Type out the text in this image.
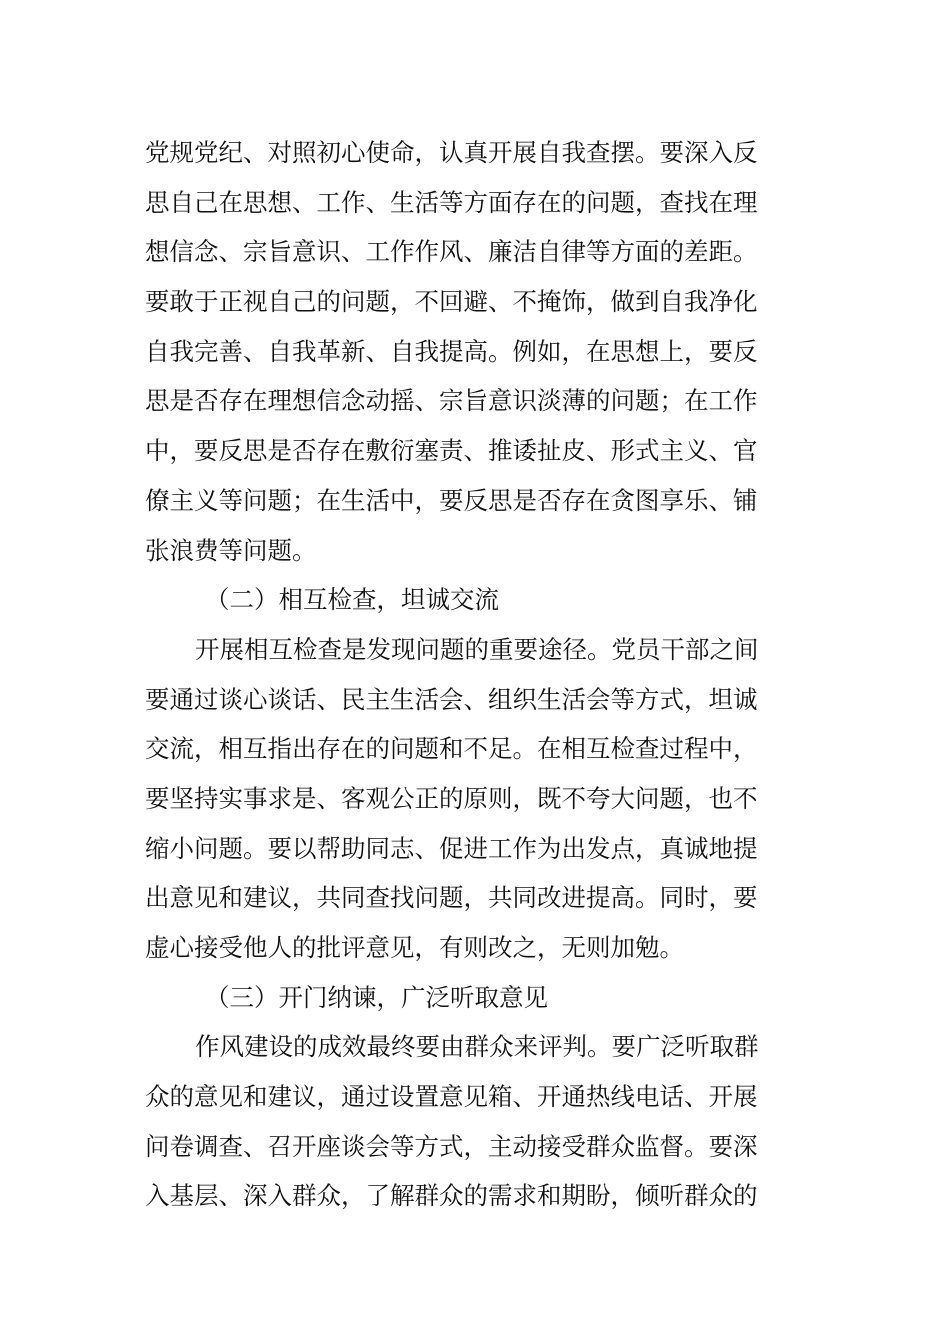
党规党纪、对照初心使命，认真开展自我查摆。要深入反
思自己在思想、工作、生活等方面存在的问题，查找在理
想信念、宗旨意识、工作作风、廉洁自律等方面的差距。
要敢于正视自己的问题，不回避、不掩饰，做到自我净化
自我完善、自我革新、自我提高。例如，在思想上，要反
思是否存在理想信念动摇、宗旨意识淡薄的问题；在工作
中，要反思是否存在敷衍塞责、推诿扯皮、形式主义、官
僚主义等问题；在生活中，要反思是否存在贪图享乐、铺
张浪费等问题。
（二）相互检查，坦诚交流
开展相互检查是发现问题的重要途径。党员干部之间
要通过谈心谈话、民主生活会、组织生活会等方式，坦诚
交流，相互指出存在的问题和不足。在相互检查过程中，
要坚持实事求是、客观公正的原则，既不夸大问题，也不
缩小问题。要以帮助同志、促进工作为出发点，真诚地提
出意见和建议，共同查找问题，共同改进提高。同时，要
虚心接受他人的批评意见，有则改之，无则加勉。
（三）开门纳谏，广泛听取意见
作风建设的成效最终要由群众来评判。要广泛听取群
众的意见和建议，通过设置意见箱、开通热线电话、开展
问卷调查、召开座谈会等方式，主动接受群众监督。要深
入基层、深入群众，了解群众的需求和期盼，倾听群众的
